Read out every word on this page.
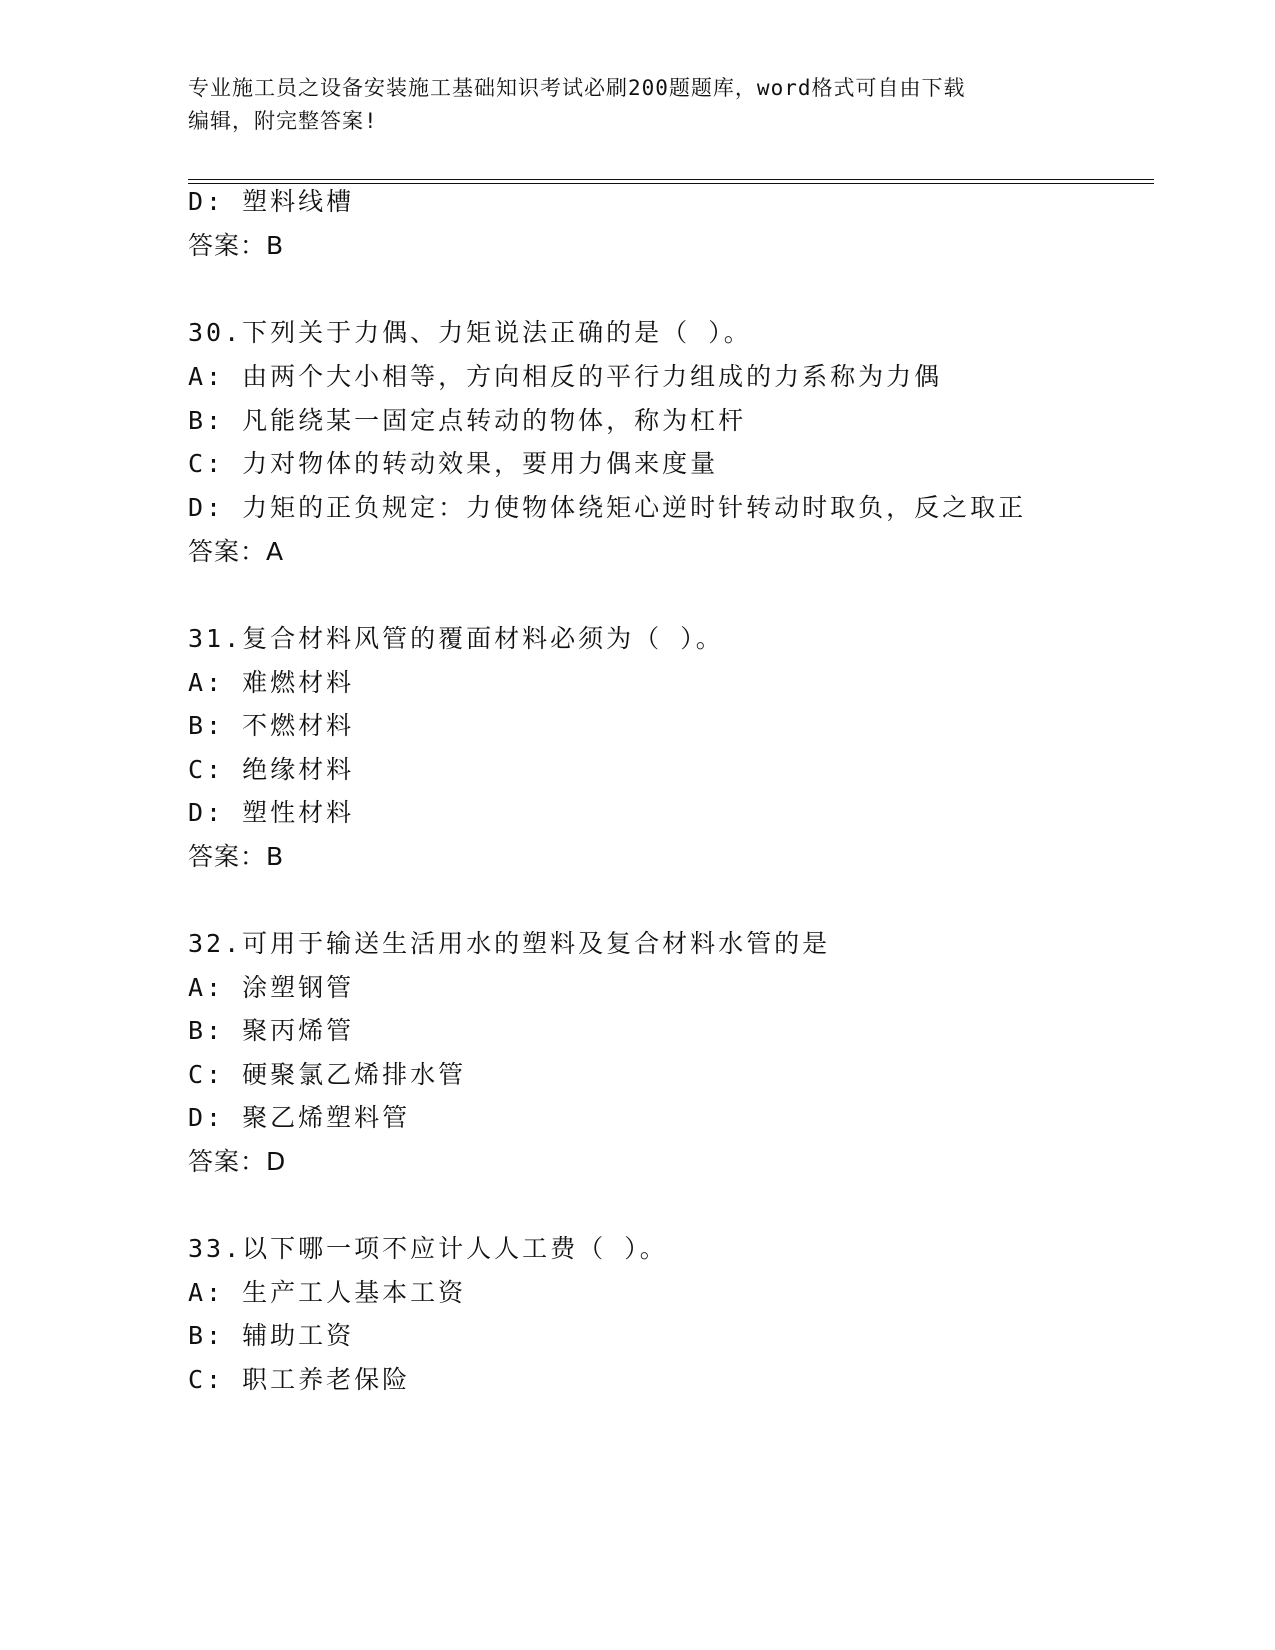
专业施工员之设备安装施工基础知识考试必刷200题题库，word格式可自由下载
编辑，附完整答案!
D: 塑料线槽
答案：B
30.下列关于力偶、力矩说法正确的是（ ）。
A: 由两个大小相等，方向相反的平行力组成的力系称为力偶
B: 凡能绕某一固定点转动的物体，称为杠杆
C: 力对物体的转动效果，要用力偶来度量
D: 力矩的正负规定：力使物体绕矩心逆时针转动时取负，反之取正
答案：A
31.复合材料风管的覆面材料必须为（ ）。
A: 难燃材料
B: 不燃材料
C: 绝缘材料
D: 塑性材料
答案：B
32.可用于输送生活用水的塑料及复合材料水管的是
A: 涂塑钢管
B: 聚丙烯管
C: 硬聚氯乙烯排水管
D: 聚乙烯塑料管
答案：D
33.以下哪一项不应计人人工费（ ）。
A: 生产工人基本工资
B: 辅助工资
C: 职工养老保险
